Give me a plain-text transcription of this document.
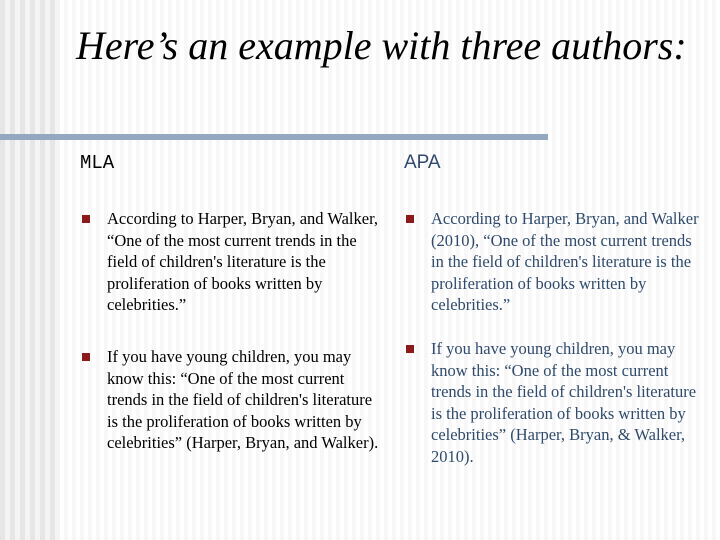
Here’s an example with three authors:
MLA	APA
According to Harper, Bryan, and Walker, “One of the most current trends in the field of children's literature is the proliferation of books written by celebrities.”
If you have young children, you may know this: “One of the most current trends in the field of children's literature is the proliferation of books written by celebrities” (Harper, Bryan, and Walker).
According to Harper, Bryan, and Walker (2010), “One of the most current trends in the field of children's literature is the proliferation of books written by celebrities.”
If you have young children, you may know this: “One of the most current trends in the field of children's literature is the proliferation of books written by celebrities” (Harper, Bryan, & Walker, 2010).
